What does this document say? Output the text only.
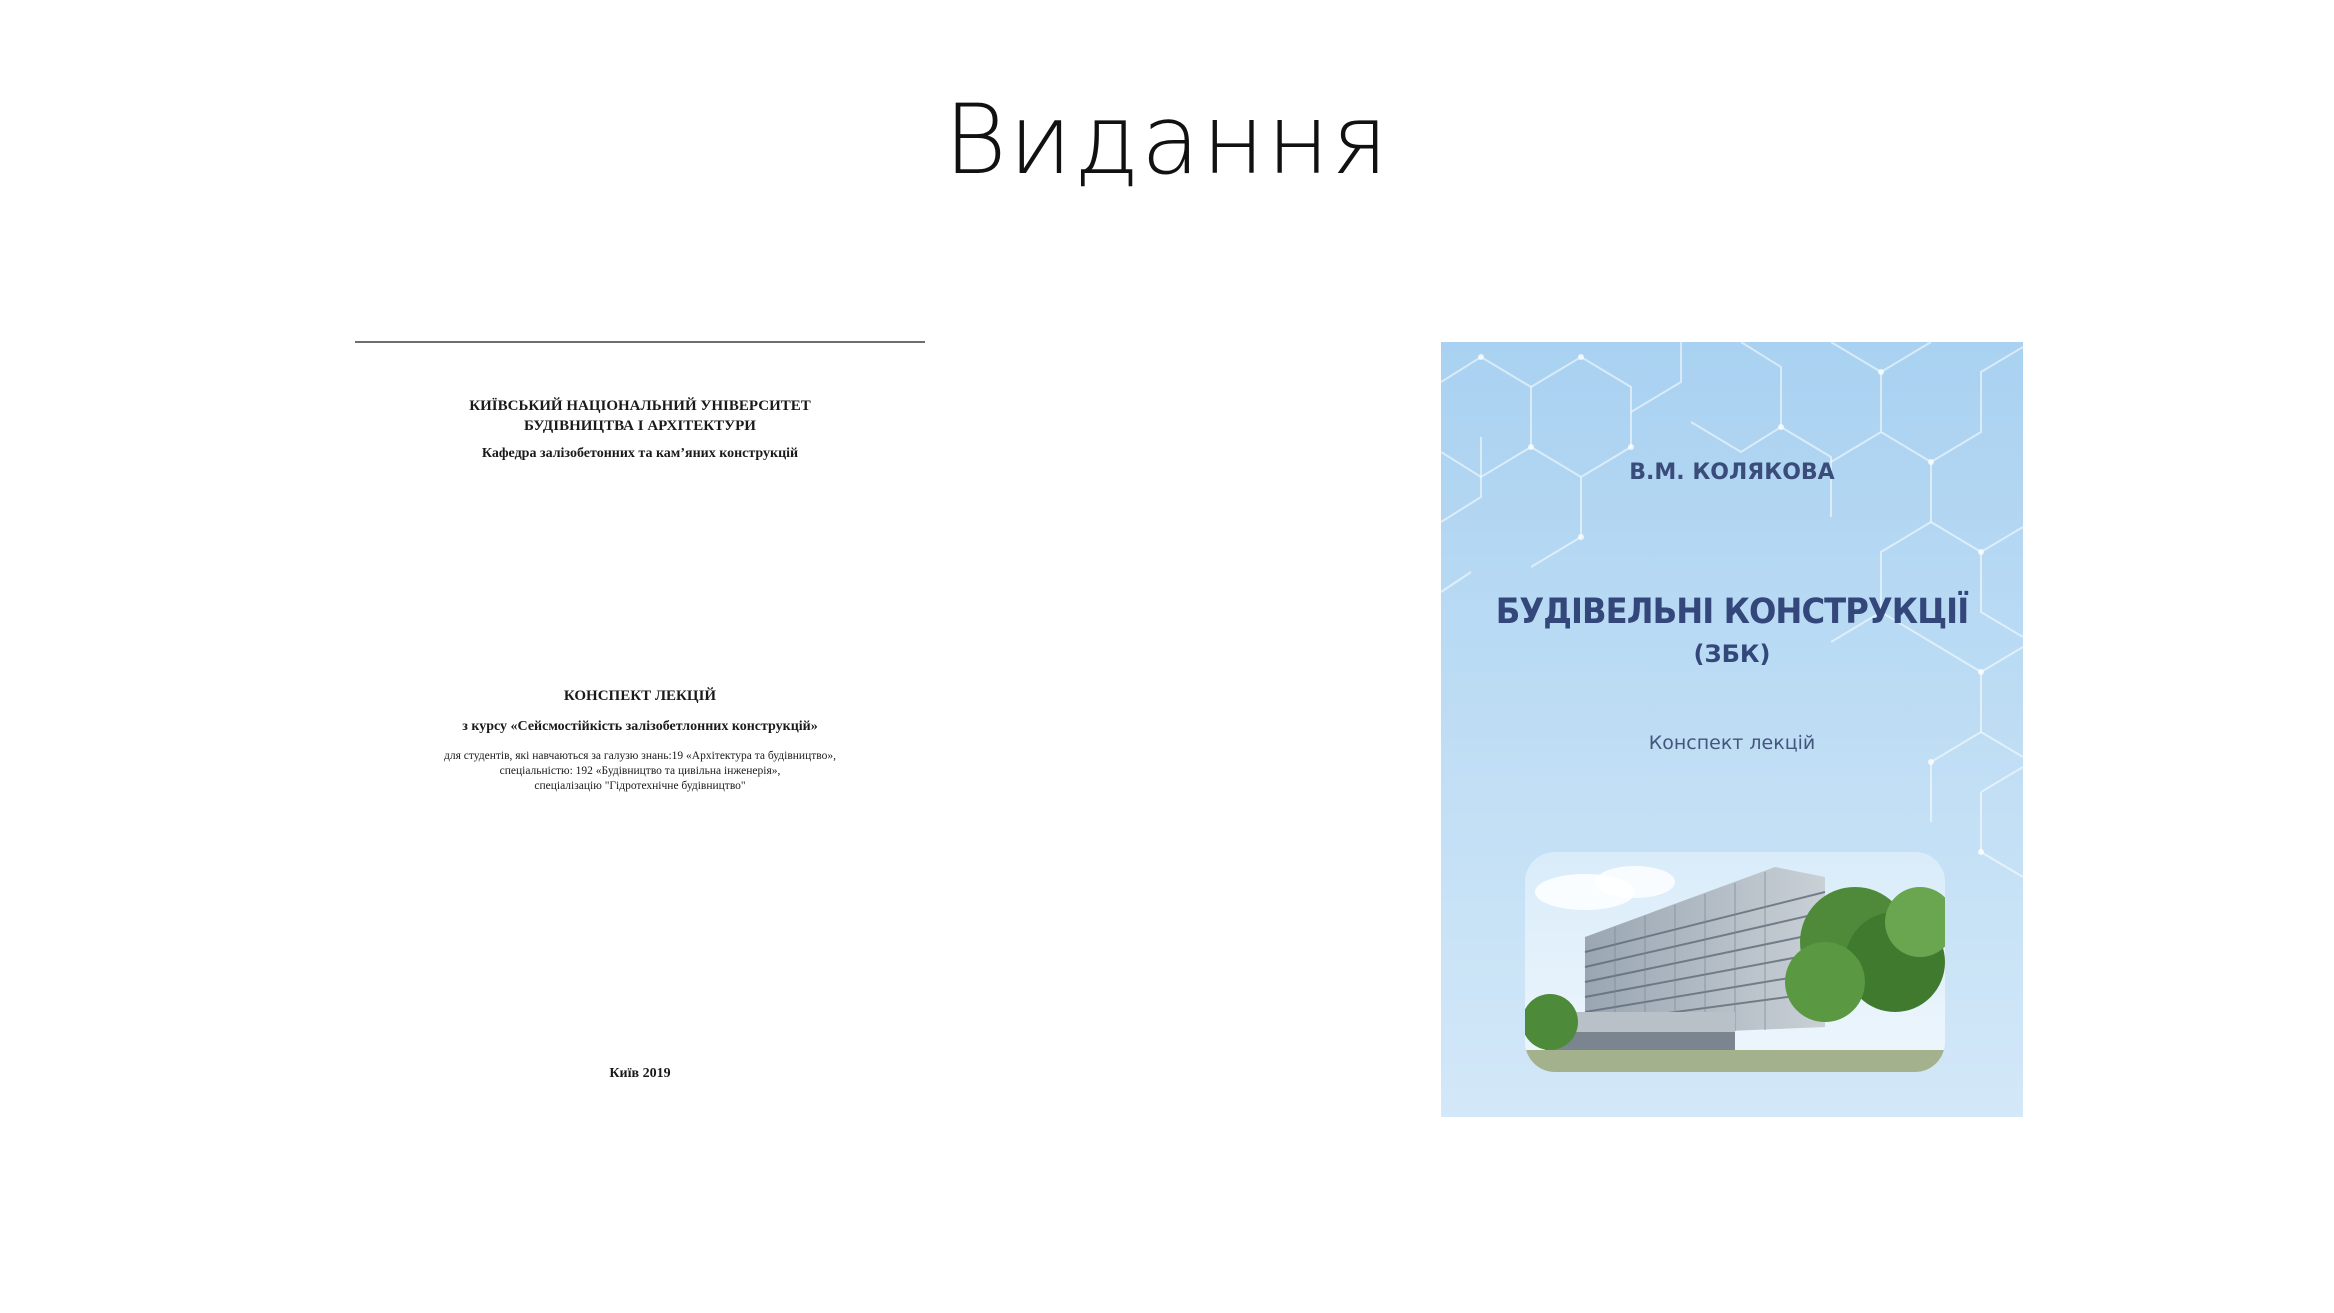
Видання
КИЇВСЬКИЙ НАЦІОНАЛЬНИЙ УНІВЕРСИТЕТ
БУДІВНИЦТВА І АРХІТЕКТУРИ
Кафедра залізобетонних та кам’яних конструкцій
КОНСПЕКТ ЛЕКЦІЙ
з курсу «Сейсмостійкість залізобетлонних конструкцій»
для студентів, які навчаються за галузю знань:19 «Архітектура та будівництво»,
спеціальністю: 192 «Будівництво та цивільна інженерія»,
спеціалізацію "Гідротехнічне будівництво"
Київ 2019
В.М. КОЛЯКОВА
БУДІВЕЛЬНІ КОНСТРУКЦІЇ
(ЗБК)
Конспект лекцій
